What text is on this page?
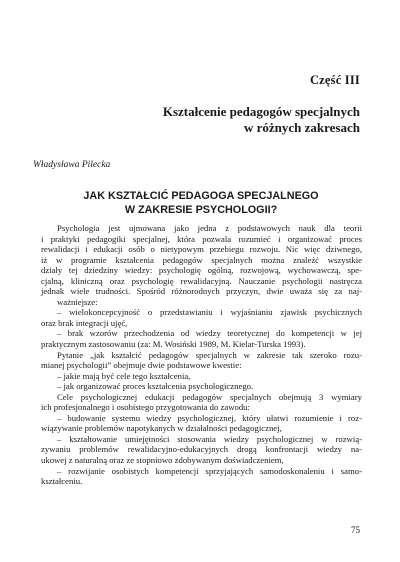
Część III
Kształcenie pedagogów specjalnych
w różnych zakresach
Władysława Pilecka
JAK KSZTAŁCIĆ PEDAGOGA SPECJALNEGO
W ZAKRESIE PSYCHOLOGII?
Psychologia jest ujmowana jako jedna z podstawowych nauk dla teorii
i praktyki pedagogiki specjalnej, która pozwala rozumieć i organizować proces
rewalidacji i edukacji osób o nietypowym przebiegu rozwoju. Nic więc dziwnego,
iż w programie kształcenia pedagogów specjalnych można znaleźć wszystkie
działy tej dziedziny wiedzy: psychologię ogólną, rozwojową, wychowawczą, spe-
cjalną, kliniczną oraz psychologię rewalidacyjną. Nauczanie psychologii nastręcza
jednak wiele trudności. Spośród różnorodnych przyczyn, dwie uważa się za naj-
ważniejsze:
– wielokoncepcyjność o przedstawianiu i wyjaśnianiu zjawisk psychicznych
oraz brak integracji ujęć,
– brak wzorów przechodzenia od wiedzy teoretycznej do kompetencji w jej
praktycznym zastosowaniu (za: M. Wosiński 1989, M. Kielar-Turska 1993).
Pytanie „jak kształcić pedagogów specjalnych w zakresie tak szeroko rozu-
mianej psychologii” obejmuje dwie podstawowe kwestie:
– jakie mają być cele tego kształcenia,
– jak organizować proces kształcenia psychologicznego.
Cele psychologicznej edukacji pedagogów specjalnych obejmują 3 wymiary
ich profesjonalnego i osobistego przygotowania do zawodu:
– budowanie systemu wiedzy psychologicznej, który ułatwi rozumienie i roz-
wiązywanie problemów napotykanych w działalności pedagogicznej,
– kształtowanie umiejętności stosowania wiedzy psychologicznej w rozwią-
zywaniu problemów rewalidacyjno-edukacyjnych drogą konfrontacji wiedzy na-
ukowej z naturalną oraz ze stopniowo zdobywanym doświadczeniem,
– rozwijanie osobistych kompetencji sprzyjających samodoskonaleniu i samo-
kształceniu.
75
